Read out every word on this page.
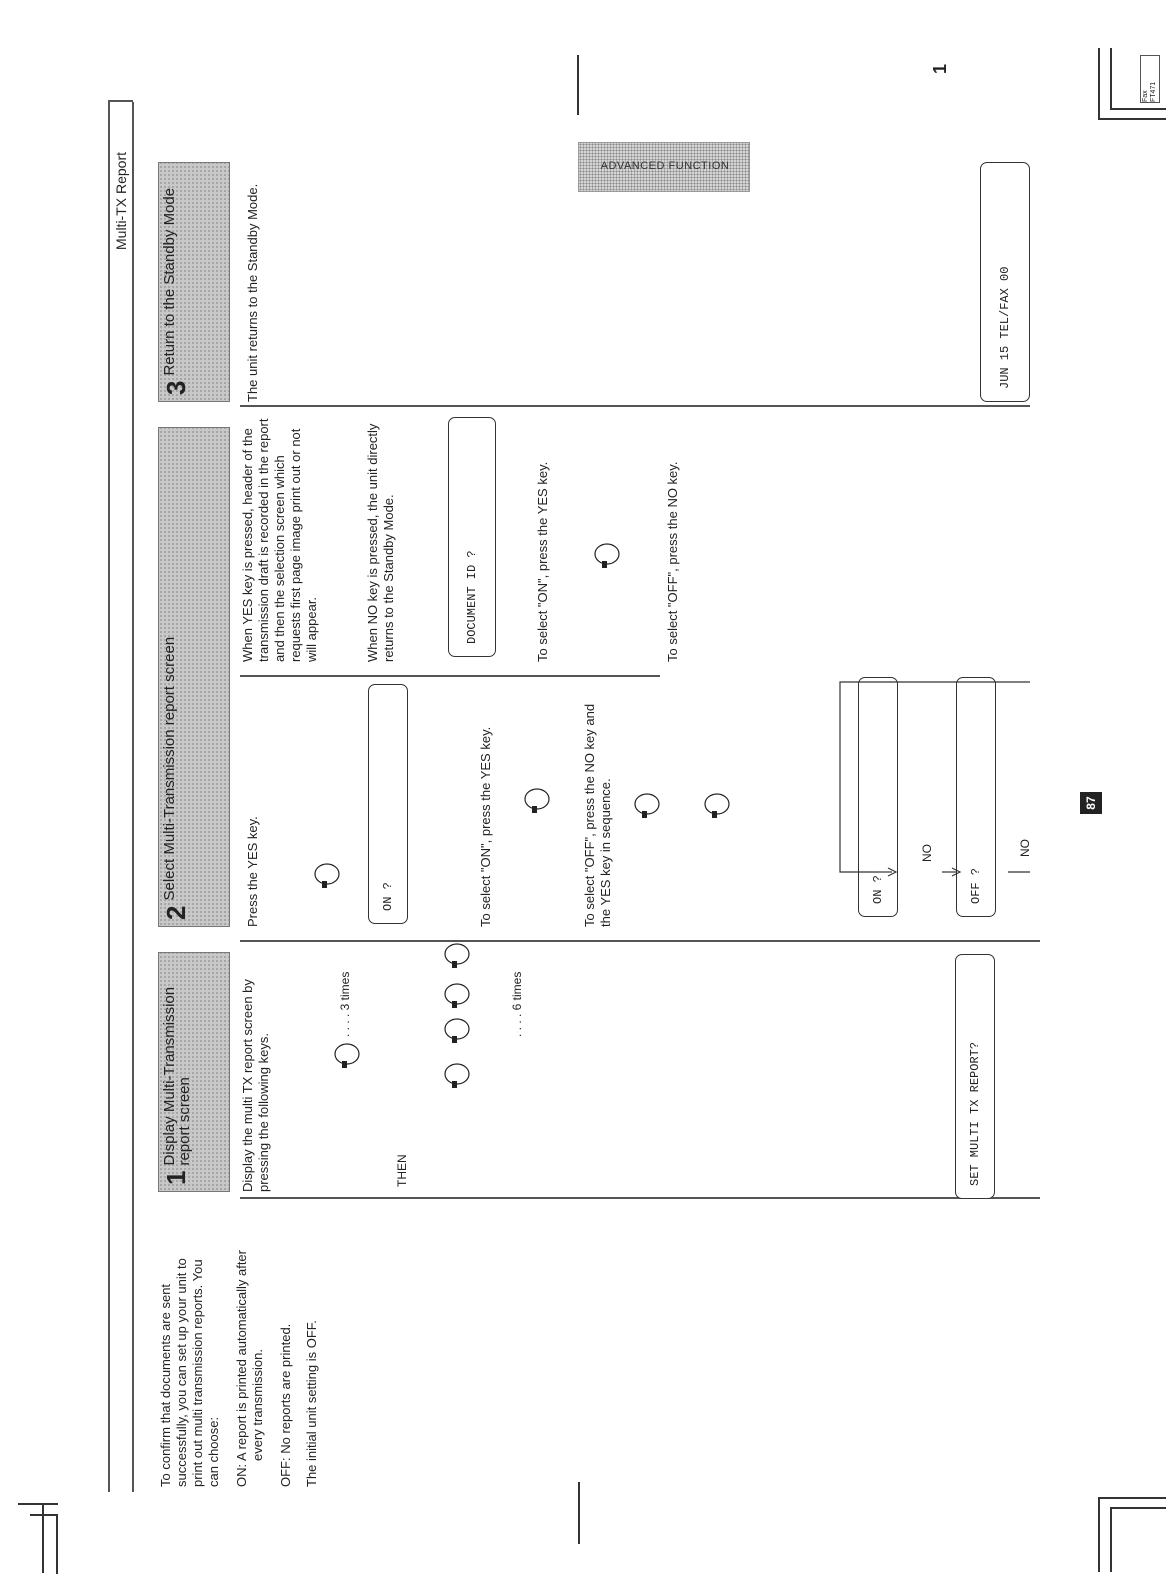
Fax FT471
Multi-TX Report
1
ADVANCED FUNCTION
To confirm that documents are sent successfully, you can set up your unit to print out multi transmission reports. You can choose: ON: A report is printed automatically after every transmission. OFF: No reports are printed. The initial unit setting is OFF.
1
Display Multi-Transmission report screen	Display the multi TX report screen by pressing the following keys.
. . . . 3 times
THEN
. . . . 6 times
SET MULTI TX REPORT?
2
Select Multi-Transmission report screen	Press the YES key.	ON ?	To select "ON", press the YES key.	To select "OFF", press the NO key and the YES key in sequence.	ON ?	OFF ?
NO	NO
When YES key is pressed, header of the transmission draft is recorded in the report and then the selection screen which requests first page image print out or not will appear.	When NO key is pressed, the unit directly returns to the Standby Mode.	DOCUMENT ID ?	To select "ON", press the YES key.	To select "OFF", press the NO key.
3
Return to the Standby Mode	The unit returns to the Standby Mode.	JUN 15 TEL/FAX 00
87
